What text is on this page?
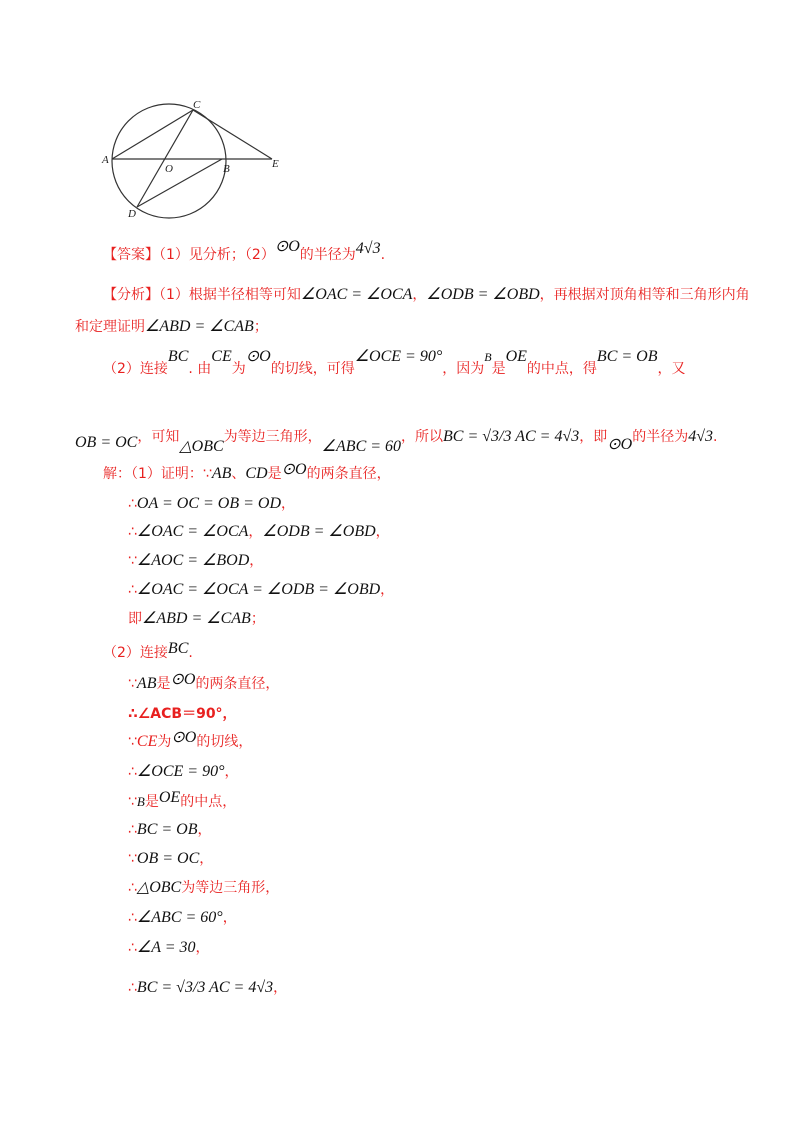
C
A
O	B	E
D
【答案】（1）见分析；（2）⊙O的半径为4√3.
【分析】（1）根据半径相等可知∠OAC = ∠OCA，∠ODB = ∠OBD，再根据对顶角相等和三角形内角
和定理证明∠ABD = ∠CAB；
（2）连接BC. 由CE为⊙O的切线，可得∠OCE = 90°，因为$^B$是OE的中点，得BC = OB，又
OB = OC，可知△OBC为等边三角形，∠ABC = 60，所以BC = √3/3 AC = 4√3，即⊙O的半径为4√3.
解：（1）证明：∵AB、CD是⊙O的两条直径，
∴OA = OC = OB = OD，
∴∠OAC = ∠OCA，∠ODB = ∠OBD，
∵∠AOC = ∠BOD，
∴∠OAC = ∠OCA = ∠ODB = ∠OBD，
即∠ABD = ∠CAB；
（2）连接BC.
∵AB是⊙O的两条直径，
∴∠ACB＝90°，
∵CE为⊙O的切线，
∴∠OCE = 90°，
∵B是OE的中点，
∴BC = OB，
∵OB = OC，
∴△OBC为等边三角形，
∴∠ABC = 60°，
∴∠A = 30，
∴BC = √3/3 AC = 4√3，
